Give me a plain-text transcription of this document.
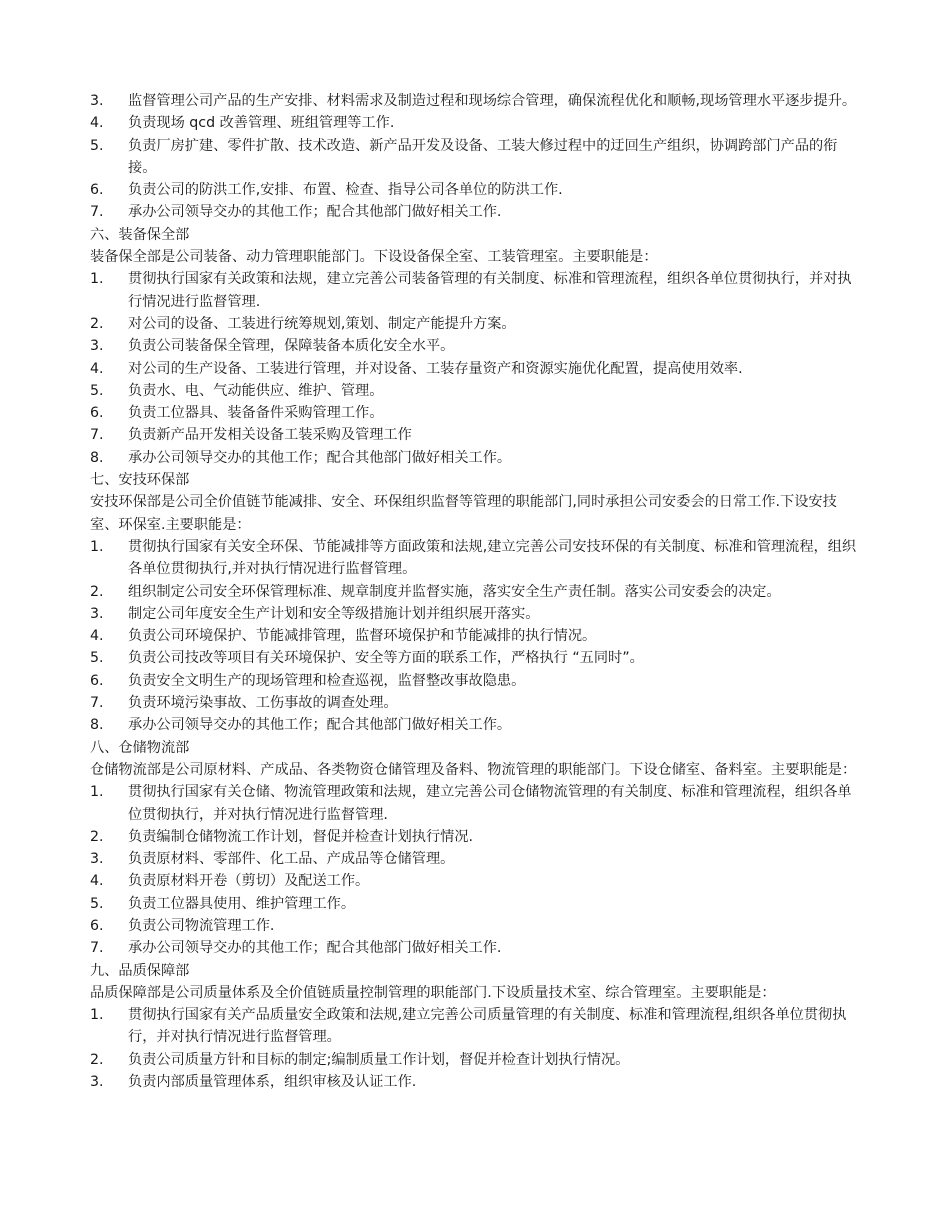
3. 监督管理公司产品的生产安排、材料需求及制造过程和现场综合管理，确保流程优化和顺畅,现场管理水平逐步提升。
4. 负责现场 qcd 改善管理、班组管理等工作.
5. 负责厂房扩建、零件扩散、技术改造、新产品开发及设备、工装大修过程中的迂回生产组织，协调跨部门产品的衔接。
6. 负责公司的防洪工作,安排、布置、检查、指导公司各单位的防洪工作.
7. 承办公司领导交办的其他工作；配合其他部门做好相关工作.
六、装备保全部
装备保全部是公司装备、动力管理职能部门。下设设备保全室、工装管理室。主要职能是：
1. 贯彻执行国家有关政策和法规，建立完善公司装备管理的有关制度、标准和管理流程，组织各单位贯彻执行，并对执行情况进行监督管理.
2. 对公司的设备、工装进行统筹规划,策划、制定产能提升方案。
3. 负责公司装备保全管理，保障装备本质化安全水平。
4. 对公司的生产设备、工装进行管理，并对设备、工装存量资产和资源实施优化配置，提高使用效率.
5. 负责水、电、气动能供应、维护、管理。
6. 负责工位器具、装备备件采购管理工作。
7. 负责新产品开发相关设备工装采购及管理工作
8. 承办公司领导交办的其他工作；配合其他部门做好相关工作。
七、安技环保部
安技环保部是公司全价值链节能减排、安全、环保组织监督等管理的职能部门,同时承担公司安委会的日常工作.下设安技室、环保室.主要职能是：
1. 贯彻执行国家有关安全环保、节能减排等方面政策和法规,建立完善公司安技环保的有关制度、标准和管理流程，组织各单位贯彻执行,并对执行情况进行监督管理。
2. 组织制定公司安全环保管理标准、规章制度并监督实施，落实安全生产责任制。落实公司安委会的决定。
3. 制定公司年度安全生产计划和安全等级措施计划并组织展开落实。
4. 负责公司环境保护、节能减排管理，监督环境保护和节能减排的执行情况。
5. 负责公司技改等项目有关环境保护、安全等方面的联系工作，严格执行 “五同时”。
6. 负责安全文明生产的现场管理和检查巡视，监督整改事故隐患。
7. 负责环境污染事故、工伤事故的调查处理。
8. 承办公司领导交办的其他工作；配合其他部门做好相关工作。
八、仓储物流部
仓储物流部是公司原材料、产成品、各类物资仓储管理及备料、物流管理的职能部门。下设仓储室、备料室。主要职能是：
1. 贯彻执行国家有关仓储、物流管理政策和法规，建立完善公司仓储物流管理的有关制度、标准和管理流程，组织各单位贯彻执行，并对执行情况进行监督管理.
2. 负责编制仓储物流工作计划，督促并检查计划执行情况.
3. 负责原材料、零部件、化工品、产成品等仓储管理。
4. 负责原材料开卷（剪切）及配送工作。
5. 负责工位器具使用、维护管理工作。
6. 负责公司物流管理工作.
7. 承办公司领导交办的其他工作；配合其他部门做好相关工作.
九、品质保障部
品质保障部是公司质量体系及全价值链质量控制管理的职能部门.下设质量技术室、综合管理室。主要职能是：
1. 贯彻执行国家有关产品质量安全政策和法规,建立完善公司质量管理的有关制度、标准和管理流程,组织各单位贯彻执行，并对执行情况进行监督管理。
2. 负责公司质量方针和目标的制定;编制质量工作计划，督促并检查计划执行情况。
3. 负责内部质量管理体系，组织审核及认证工作.
